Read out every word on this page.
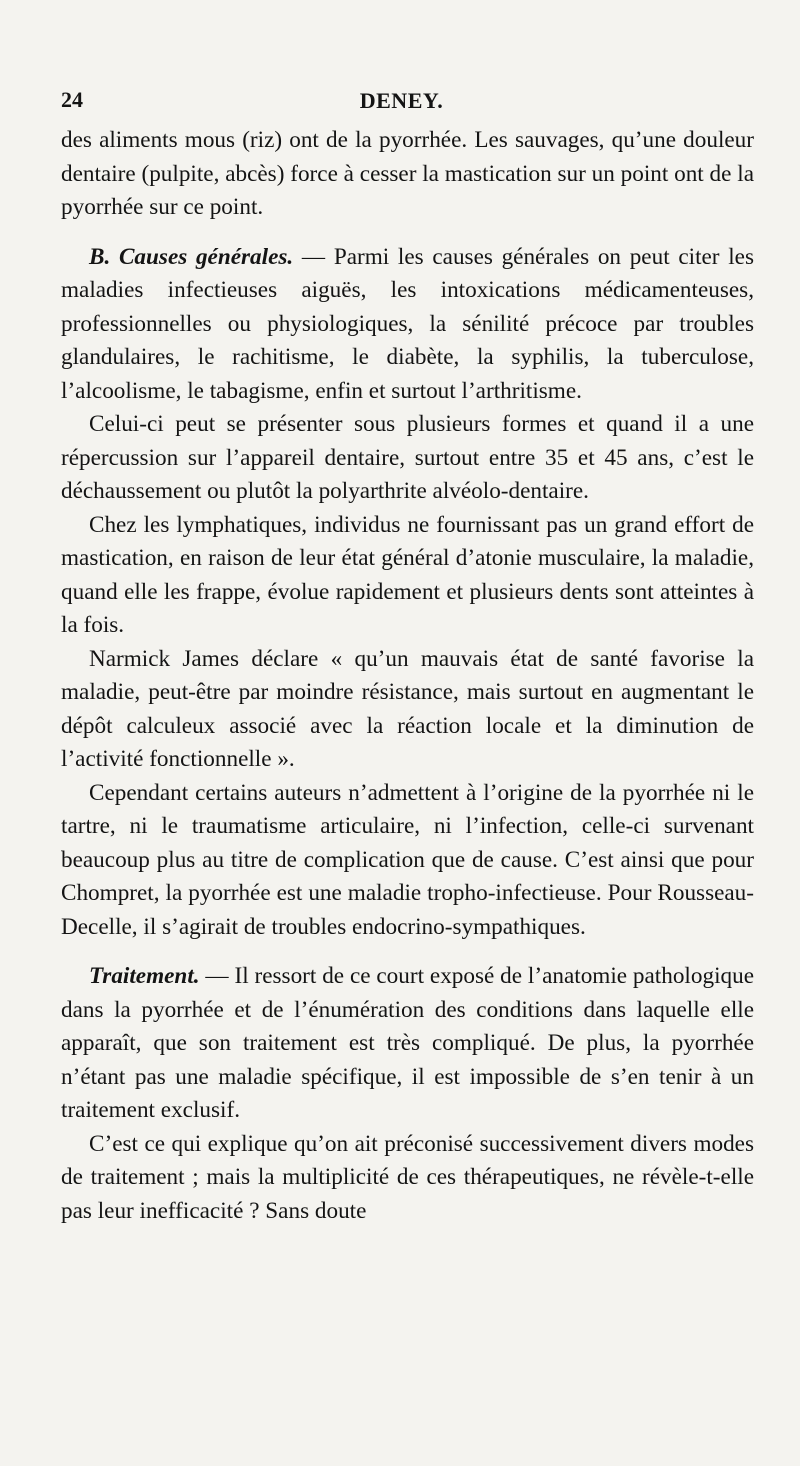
24	DENEY.

des aliments mous (riz) ont de la pyorrhée. Les sauvages, qu’une douleur dentaire (pulpite, abcès) force à cesser la mastication sur un point ont de la pyorrhée sur ce point.

B. Causes générales. — Parmi les causes générales on peut citer les maladies infectieuses aiguës, les intoxications médicamenteuses, professionnelles ou physiologiques, la sénilité précoce par troubles glandulaires, le rachitisme, le diabète, la syphilis, la tuberculose, l’alcoolisme, le tabagisme, enfin et surtout l’arthritisme.

Celui-ci peut se présenter sous plusieurs formes et quand il a une répercussion sur l’appareil dentaire, surtout entre 35 et 45 ans, c’est le déchaussement ou plutôt la polyarthrite alvéolo-dentaire.

Chez les lymphatiques, individus ne fournissant pas un grand effort de mastication, en raison de leur état général d’atonie musculaire, la maladie, quand elle les frappe, évolue rapidement et plusieurs dents sont atteintes à la fois.

Narmick James déclare « qu’un mauvais état de santé favorise la maladie, peut-être par moindre résistance, mais surtout en augmentant le dépôt calculeux associé avec la réaction locale et la diminution de l’activité fonctionnelle ».

Cependant certains auteurs n’admettent à l’origine de la pyorrhée ni le tartre, ni le traumatisme articulaire, ni l’infection, celle-ci survenant beaucoup plus au titre de complication que de cause. C’est ainsi que pour Chompret, la pyorrhée est une maladie tropho-infectieuse. Pour Rousseau-Decelle, il s’agirait de troubles endocrino-sympathiques.

Traitement. — Il ressort de ce court exposé de l’anatomie pathologique dans la pyorrhée et de l’énumération des conditions dans laquelle elle apparaît, que son traitement est très compliqué. De plus, la pyorrhée n’étant pas une maladie spécifique, il est impossible de s’en tenir à un traitement exclusif.

C’est ce qui explique qu’on ait préconisé successivement divers modes de traitement ; mais la multiplicité de ces thérapeutiques, ne révèle-t-elle pas leur inefficacité ? Sans doute
